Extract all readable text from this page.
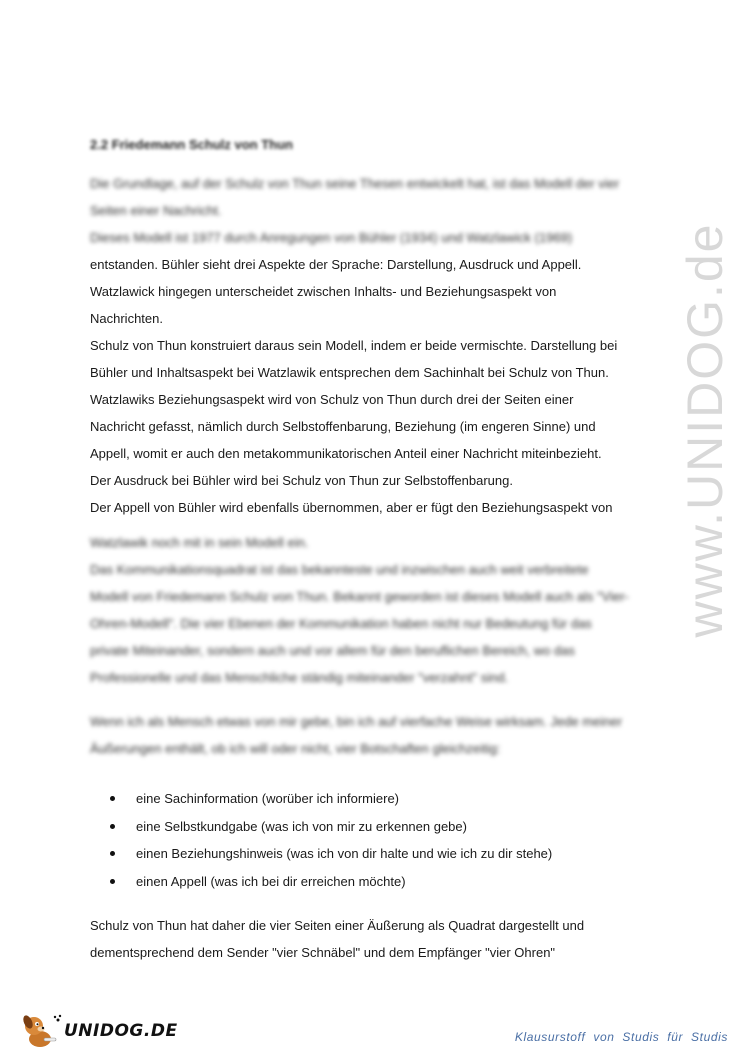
www.UNIDOG.de
2.2 Friedemann Schulz von Thun

Die Grundlage, auf der Schulz von Thun seine Thesen entwickelt hat, ist das Modell der vier
Seiten einer Nachricht.
Dieses Modell ist 1977 durch Anregungen von Bühler (1934) und Watzlawick (1969)

entstanden. Bühler sieht drei Aspekte der Sprache: Darstellung, Ausdruck und Appell.
Watzlawick hingegen unterscheidet zwischen Inhalts- und Beziehungsaspekt von
Nachrichten.
Schulz von Thun konstruiert daraus sein Modell, indem er beide vermischte. Darstellung bei
Bühler und Inhaltsaspekt bei Watzlawik entsprechen dem Sachinhalt bei Schulz von Thun.
Watzlawiks Beziehungsaspekt wird von Schulz von Thun durch drei der Seiten einer
Nachricht gefasst, nämlich durch Selbstoffenbarung, Beziehung (im engeren Sinne) und
Appell, womit er auch den metakommunikatorischen Anteil einer Nachricht miteinbezieht.
Der Ausdruck bei Bühler wird bei Schulz von Thun zur Selbstoffenbarung.
Der Appell von Bühler wird ebenfalls übernommen, aber er fügt den Beziehungsaspekt von

Watzlawik noch mit in sein Modell ein.
Das Kommunikationsquadrat ist das bekannteste und inzwischen auch weit verbreitete
Modell von Friedemann Schulz von Thun. Bekannt geworden ist dieses Modell auch als "Vier-
Ohren-Modell". Die vier Ebenen der Kommunikation haben nicht nur Bedeutung für das
private Miteinander, sondern auch und vor allem für den beruflichen Bereich, wo das
Professionelle und das Menschliche ständig miteinander "verzahnt" sind.

Wenn ich als Mensch etwas von mir gebe, bin ich auf vierfache Weise wirksam. Jede meiner
Äußerungen enthält, ob ich will oder nicht, vier Botschaften gleichzeitig:

eine Sachinformation (worüber ich informiere)
eine Selbstkundgabe (was ich von mir zu erkennen gebe)
einen Beziehungshinweis (was ich von dir halte und wie ich zu dir stehe)
einen Appell (was ich bei dir erreichen möchte)

Schulz von Thun hat daher die vier Seiten einer Äußerung als Quadrat dargestellt und
dementsprechend dem Sender "vier Schnäbel" und dem Empfänger "vier Ohren"

UNIDOG.DE	Klausurstoff von Studis für Studis
